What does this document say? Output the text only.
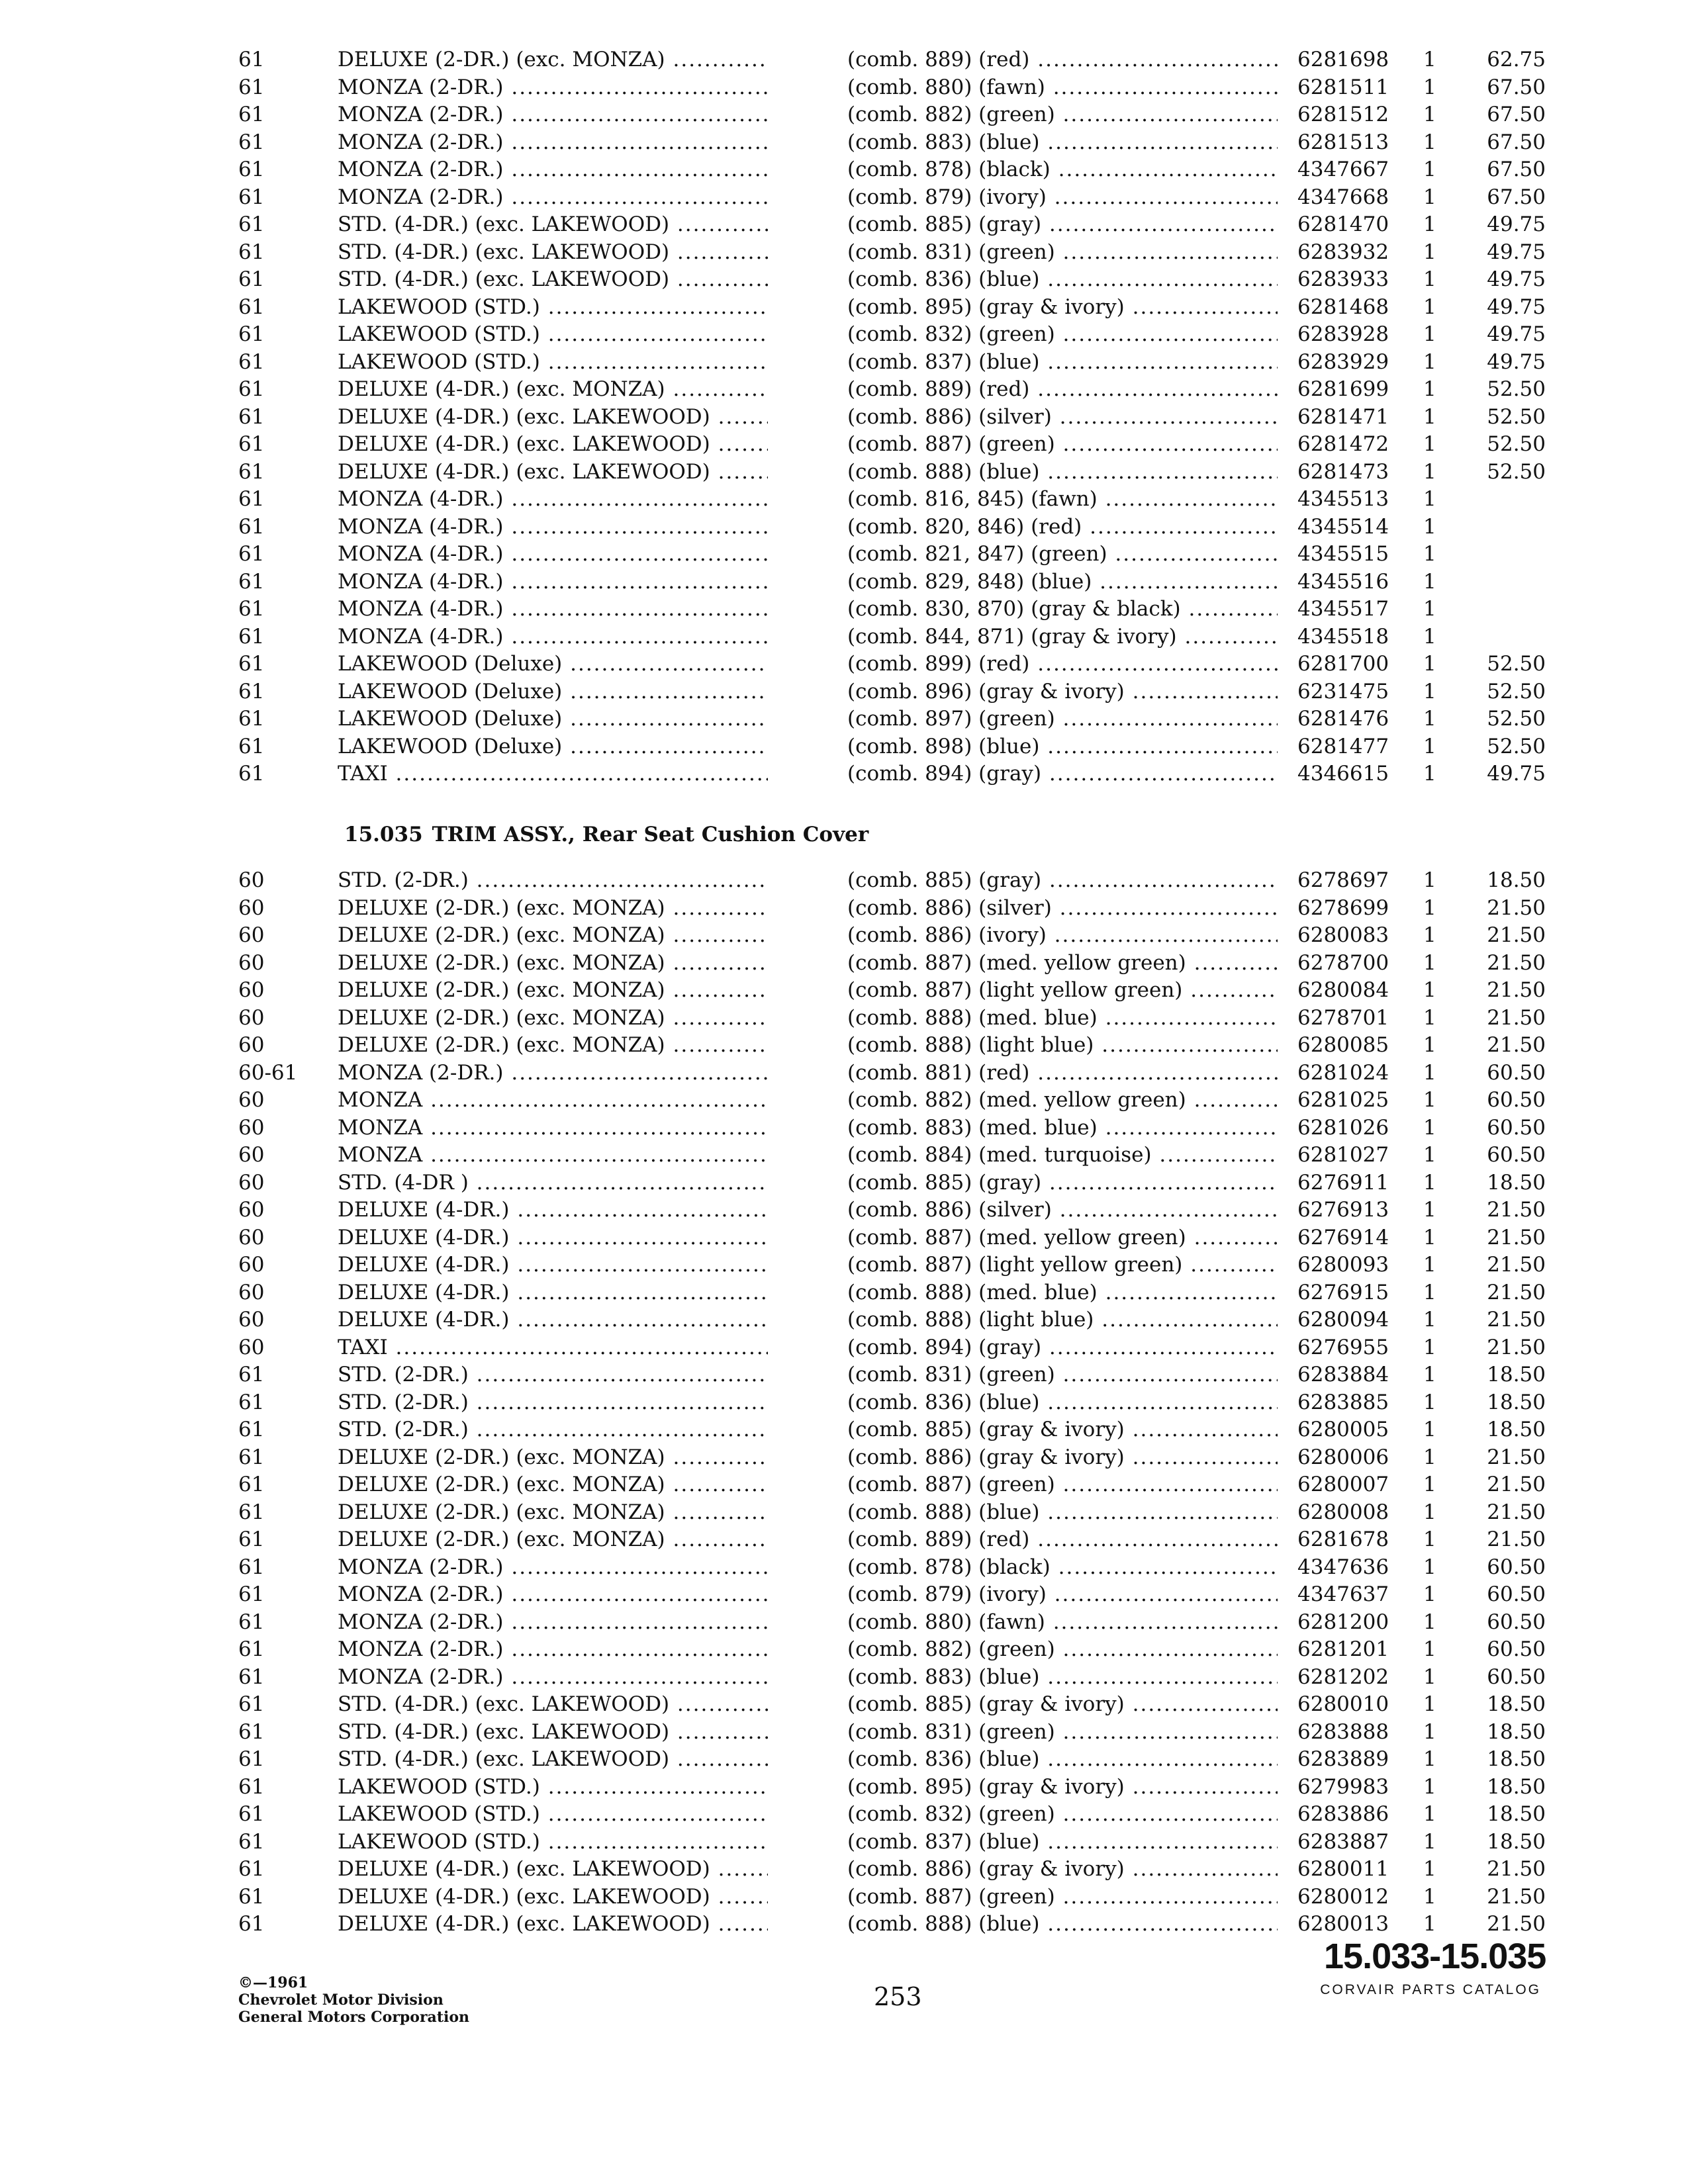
61	DELUXE (2-DR.) (exc. MONZA) .....	(comb. 889) (red) .....	6281698 1	62.75
61	MONZA (2-DR.) .....	(comb. 880) (fawn) .....	6281511 1	67.50
61	MONZA (2-DR.) .....	(comb. 882) (green) .....	6281512 1	67.50
61	MONZA (2-DR.) .....	(comb. 883) (blue) .....	6281513 1	67.50
61	MONZA (2-DR.) .....	(comb. 878) (black) .....	4347667 1	67.50
61	MONZA (2-DR.) .....	(comb. 879) (ivory) .....	4347668 1	67.50
61	STD. (4-DR.) (exc. LAKEWOOD) .....	(comb. 885) (gray) .....	6281470 1	49.75
61	STD. (4-DR.) (exc. LAKEWOOD) .....	(comb. 831) (green) .....	6283932 1	49.75
61	STD. (4-DR.) (exc. LAKEWOOD) .....	(comb. 836) (blue) .....	6283933 1	49.75
61	LAKEWOOD (STD.) .....	(comb. 895) (gray & ivory) .....	6281468 1	49.75
61	LAKEWOOD (STD.) .....	(comb. 832) (green) .....	6283928 1	49.75
61	LAKEWOOD (STD.) .....	(comb. 837) (blue) .....	6283929 1	49.75
61	DELUXE (4-DR.) (exc. MONZA) .....	(comb. 889) (red) .....	6281699 1	52.50
61	DELUXE (4-DR.) (exc. LAKEWOOD) .....	(comb. 886) (silver) .....	6281471 1	52.50
61	DELUXE (4-DR.) (exc. LAKEWOOD) .....	(comb. 887) (green) .....	6281472 1	52.50
61	DELUXE (4-DR.) (exc. LAKEWOOD) .....	(comb. 888) (blue) .....	6281473 1	52.50
61	MONZA (4-DR.) .....	(comb. 816, 845) (fawn) .....	4345513 1
61	MONZA (4-DR.) .....	(comb. 820, 846) (red) .....	4345514 1
61	MONZA (4-DR.) .....	(comb. 821, 847) (green) .....	4345515 1
61	MONZA (4-DR.) .....	(comb. 829, 848) (blue) .....	4345516 1
61	MONZA (4-DR.) .....	(comb. 830, 870) (gray & black) .....	4345517 1
61	MONZA (4-DR.) .....	(comb. 844, 871) (gray & ivory) .....	4345518 1
61	LAKEWOOD (Deluxe) .....	(comb. 899) (red) .....	6281700 1	52.50
61	LAKEWOOD (Deluxe) .....	(comb. 896) (gray & ivory) .....	6231475 1	52.50
61	LAKEWOOD (Deluxe) .....	(comb. 897) (green) .....	6281476 1	52.50
61	LAKEWOOD (Deluxe) .....	(comb. 898) (blue) .....	6281477 1	52.50
61	TAXI .....	(comb. 894) (gray) .....	4346615 1	49.75
15.035 TRIM ASSY., Rear Seat Cushion Cover
60	STD. (2-DR.) .....	(comb. 885) (gray) .....	6278697 1	18.50
60	DELUXE (2-DR.) (exc. MONZA) .....	(comb. 886) (silver) .....	6278699 1	21.50
60	DELUXE (2-DR.) (exc. MONZA) .....	(comb. 886) (ivory) .....	6280083 1	21.50
60	DELUXE (2-DR.) (exc. MONZA) .....	(comb. 887) (med. yellow green) .....	6278700 1	21.50
60	DELUXE (2-DR.) (exc. MONZA) .....	(comb. 887) (light yellow green) .....	6280084 1	21.50
60	DELUXE (2-DR.) (exc. MONZA) .....	(comb. 888) (med. blue) .....	6278701 1	21.50
60	DELUXE (2-DR.) (exc. MONZA) .....	(comb. 888) (light blue) .....	6280085 1	21.50
60-61 MONZA (2-DR.) .....	(comb. 881) (red) .....	6281024 1	60.50
60	MONZA .....	(comb. 882) (med. yellow green) .....	6281025 1	60.50
60	MONZA .....	(comb. 883) (med. blue) .....	6281026 1	60.50
60	MONZA .....	(comb. 884) (med. turquoise) .....	6281027 1	60.50
60	STD. (4-DR ) .....	(comb. 885) (gray) .....	6276911 1	18.50
60	DELUXE (4-DR.) .....	(comb. 886) (silver) .....	6276913 1	21.50
60	DELUXE (4-DR.) .....	(comb. 887) (med. yellow green) .....	6276914 1	21.50
60	DELUXE (4-DR.) .....	(comb. 887) (light yellow green) .....	6280093 1	21.50
60	DELUXE (4-DR.) .....	(comb. 888) (med. blue) .....	6276915 1	21.50
60	DELUXE (4-DR.) .....	(comb. 888) (light blue) .....	6280094 1	21.50
60	TAXI .....	(comb. 894) (gray) .....	6276955 1	21.50
61	STD. (2-DR.) .....	(comb. 831) (green) .....	6283884 1	18.50
61	STD. (2-DR.) .....	(comb. 836) (blue) .....	6283885 1	18.50
61	STD. (2-DR.) .....	(comb. 885) (gray & ivory) .....	6280005 1	18.50
61	DELUXE (2-DR.) (exc. MONZA) .....	(comb. 886) (gray & ivory) .....	6280006 1	21.50
61	DELUXE (2-DR.) (exc. MONZA) .....	(comb. 887) (green) .....	6280007 1	21.50
61	DELUXE (2-DR.) (exc. MONZA) .....	(comb. 888) (blue) .....	6280008 1	21.50
61	DELUXE (2-DR.) (exc. MONZA) .....	(comb. 889) (red) .....	6281678 1	21.50
61	MONZA (2-DR.) .....	(comb. 878) (black) .....	4347636 1	60.50
61	MONZA (2-DR.) .....	(comb. 879) (ivory) .....	4347637 1	60.50
61	MONZA (2-DR.) .....	(comb. 880) (fawn) .....	6281200 1	60.50
61	MONZA (2-DR.) .....	(comb. 882) (green) .....	6281201 1	60.50
61	MONZA (2-DR.) .....	(comb. 883) (blue) .....	6281202 1	60.50
61	STD. (4-DR.) (exc. LAKEWOOD) .....	(comb. 885) (gray & ivory) .....	6280010 1	18.50
61	STD. (4-DR.) (exc. LAKEWOOD) .....	(comb. 831) (green) .....	6283888 1	18.50
61	STD. (4-DR.) (exc. LAKEWOOD) .....	(comb. 836) (blue) .....	6283889 1	18.50
61	LAKEWOOD (STD.) .....	(comb. 895) (gray & ivory) .....	6279983 1	18.50
61	LAKEWOOD (STD.) .....	(comb. 832) (green) .....	6283886 1	18.50
61	LAKEWOOD (STD.) .....	(comb. 837) (blue) .....	6283887 1	18.50
61	DELUXE (4-DR.) (exc. LAKEWOOD) .....	(comb. 886) (gray & ivory) .....	6280011 1	21.50
61	DELUXE (4-DR.) (exc. LAKEWOOD) .....	(comb. 887) (green) .....	6280012 1	21.50
61	DELUXE (4-DR.) (exc. LAKEWOOD) .....	(comb. 888) (blue) .....	6280013 1	21.50
©—1961
Chevrolet Motor Division
General Motors Corporation
253
15.033-15.035
CORVAIR PARTS CATALOG
